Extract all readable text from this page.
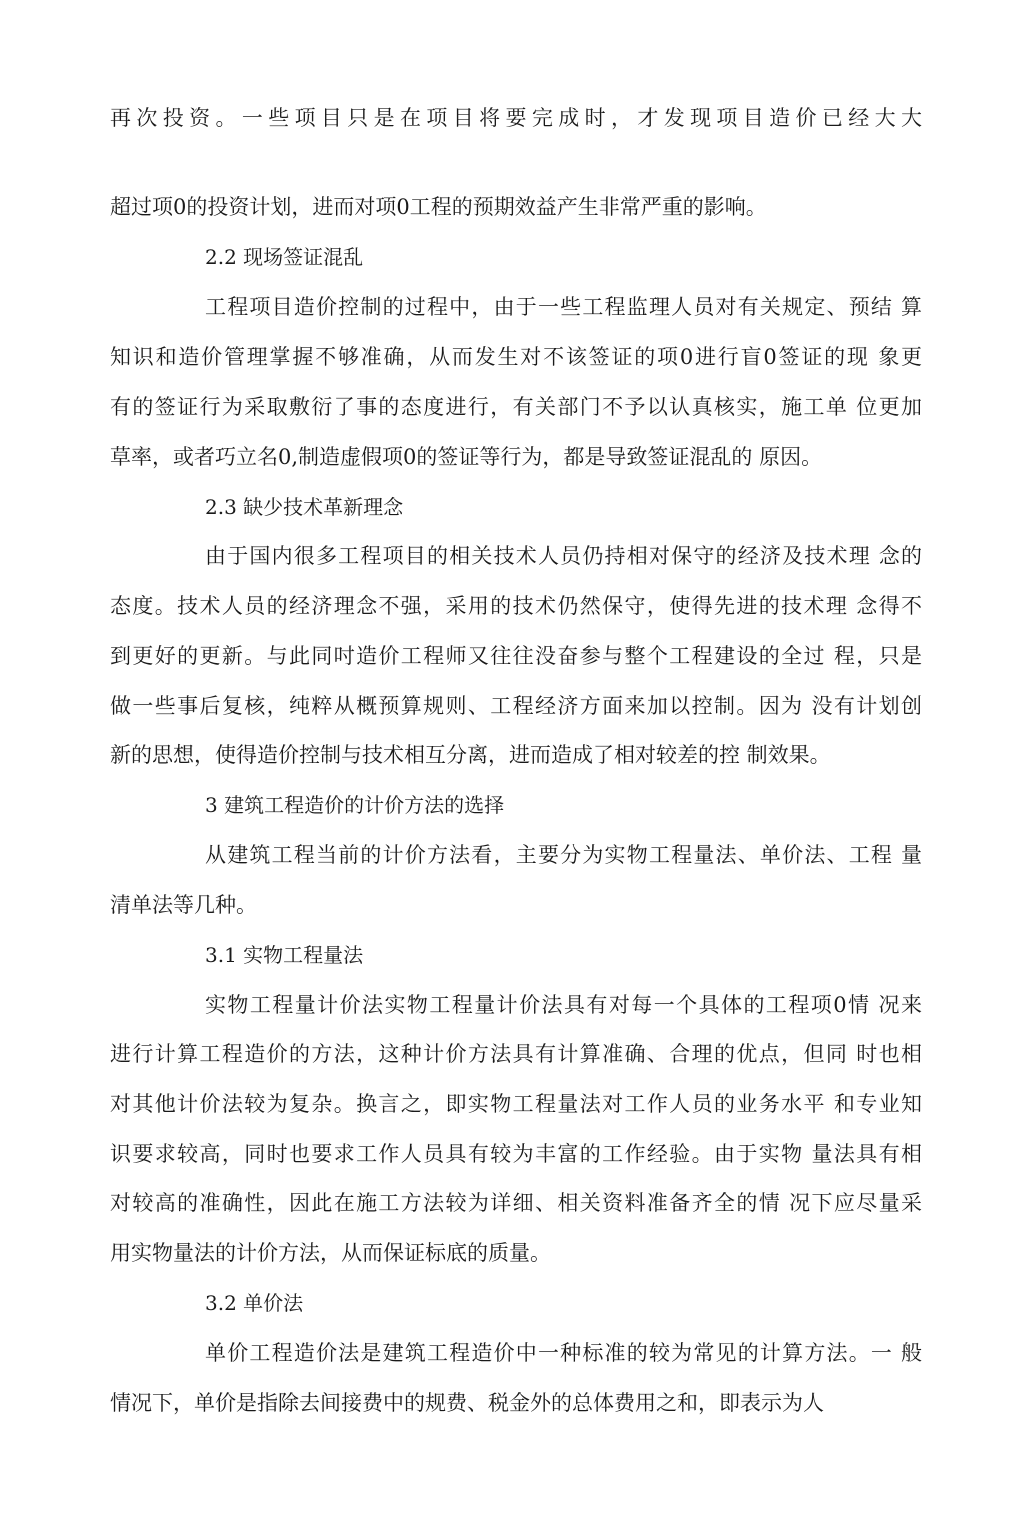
再次投资。一些项目只是在项目将要完成时，才发现项目造价已经大大
超过项0的投资计划，进而对项0工程的预期效益产生非常严重的影响。
2.2 现场签证混乱
工程项目造价控制的过程中，由于一些工程监理人员对有关规定、预结 算
知识和造价管理掌握不够准确，从而发生对不该签证的项0进行盲0签证的现 象更
有的签证行为采取敷衍了事的态度进行，有关部门不予以认真核实，施工单 位更加
草率，或者巧立名0,制造虚假项0的签证等行为，都是导致签证混乱的 原因。
2.3 缺少技术革新理念
由于国内很多工程项目的相关技术人员仍持相对保守的经济及技术理 念的
态度。技术人员的经济理念不强，采用的技术仍然保守，使得先进的技术理 念得不
到更好的更新。与此同吋造价工程师又往往没奋参与整个工程建设的全过 程，只是
做一些事后复核，纯粹从概预算规则、工程经济方面来加以控制。因为 没有计划创
新的思想，使得造价控制与技术相互分离，进而造成了相对较差的控 制效果。
3 建筑工程造价的计价方法的选择
从建筑工程当前的计价方法看，主要分为实物工程量法、单价法、工程 量
清单法等几种。
3.1 实物工程量法
实物工程量计价法实物工程量计价法具有对每一个具体的工程项0情 况来
进行计算工程造价的方法，这种计价方法具有计算准确、合理的优点，但同 时也相
对其他计价法较为复杂。换言之，即实物工程量法对工作人员的业务水平 和专业知
识要求较高，同时也要求工作人员具有较为丰富的工作经验。由于实物 量法具有相
对较高的准确性，因此在施工方法较为详细、相关资料准备齐全的情 况下应尽量采
用实物量法的计价方法，从而保证标底的质量。
3.2 单价法
单价工程造价法是建筑工程造价中一种标准的较为常见的计算方法。一 般
情况下，单价是指除去间接费中的规费、税金外的总体费用之和，即表示为人
